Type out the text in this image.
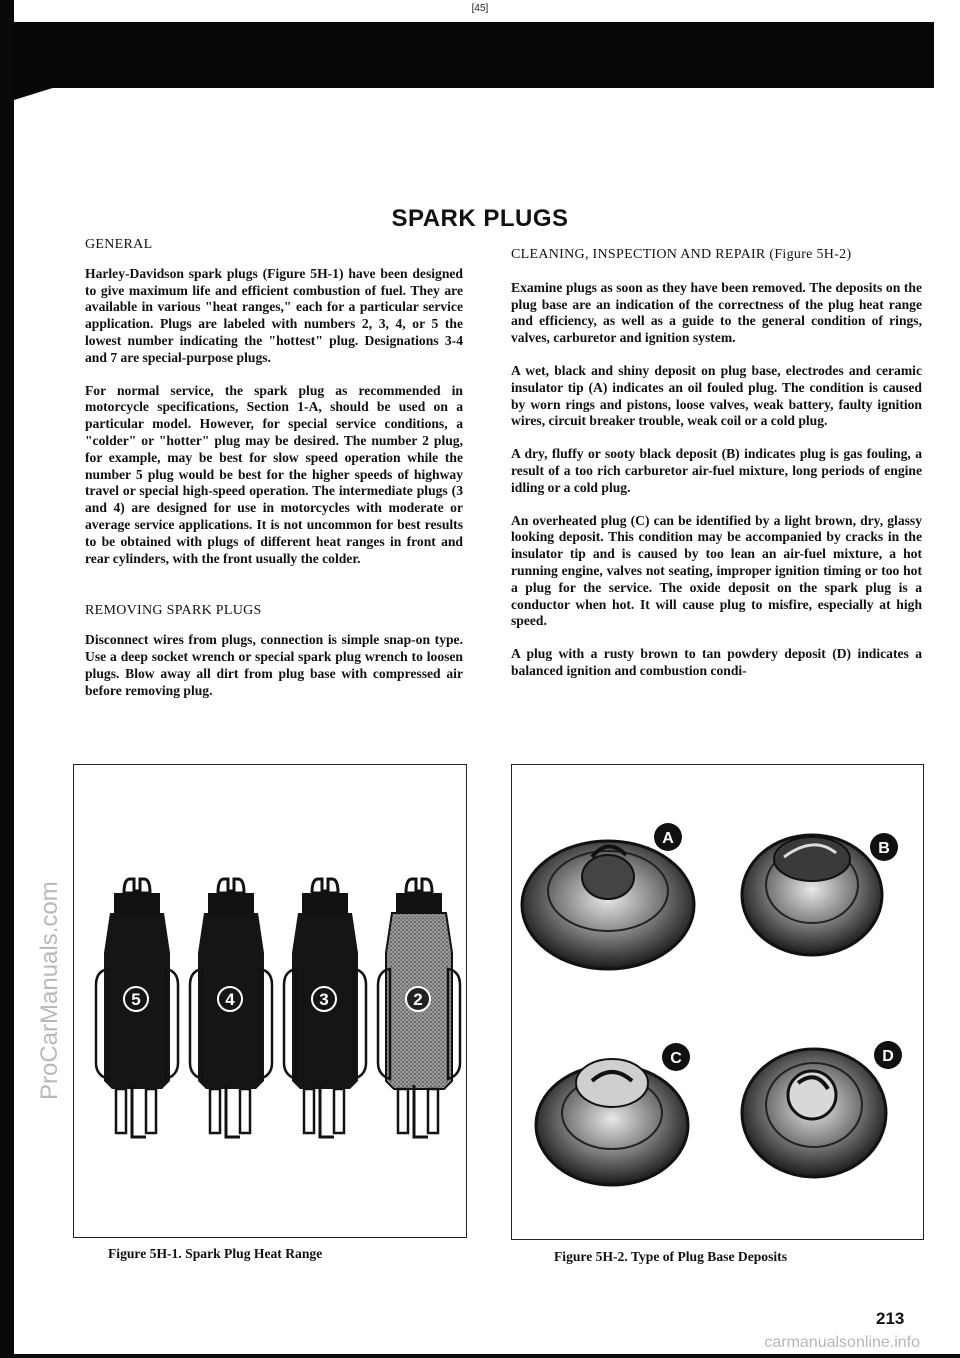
[45]
ProCarManuals.com
SPARK PLUGS

GENERAL

Harley-Davidson spark plugs (Figure 5H-1) have been designed to give maximum life and efficient combustion of fuel. They are available in various "heat ranges," each for a particular service application. Plugs are labeled with numbers 2, 3, 4, or 5 the lowest number indicating the "hottest" plug. Designations 3-4 and 7 are special-purpose plugs.

For normal service, the spark plug as recommended in motorcycle specifications, Section 1-A, should be used on a particular model. However, for special service conditions, a "colder" or "hotter" plug may be desired. The number 2 plug, for example, may be best for slow speed operation while the number 5 plug would be best for the higher speeds of highway travel or special high-speed operation. The intermediate plugs (3 and 4) are designed for use in motorcycles with moderate or average service applications. It is not uncommon for best results to be obtained with plugs of different heat ranges in front and rear cylinders, with the front usually the colder.

REMOVING SPARK PLUGS

Disconnect wires from plugs, connection is simple snap-on type. Use a deep socket wrench or special spark plug wrench to loosen plugs. Blow away all dirt from plug base with compressed air before removing plug.

CLEANING, INSPECTION AND REPAIR (Figure 5H-2)

Examine plugs as soon as they have been removed. The deposits on the plug base are an indication of the correctness of the plug heat range and efficiency, as well as a guide to the general condition of rings, valves, carburetor and ignition system.

A wet, black and shiny deposit on plug base, electrodes and ceramic insulator tip (A) indicates an oil fouled plug. The condition is caused by worn rings and pistons, loose valves, weak battery, faulty ignition wires, circuit breaker trouble, weak coil or a cold plug.

A dry, fluffy or sooty black deposit (B) indicates plug is gas fouling, a result of a too rich carburetor air-fuel mixture, long periods of engine idling or a cold plug.

An overheated plug (C) can be identified by a light brown, dry, glassy looking deposit. This condition may be accompanied by cracks in the insulator tip and is caused by too lean an air-fuel mixture, a hot running engine, valves not seating, improper ignition timing or too hot a plug for the service. The oxide deposit on the spark plug is a conductor when hot. It will cause plug to misfire, especially at high speed.

A plug with a rusty brown to tan powdery deposit (D) indicates a balanced ignition and combustion condi-

5	4	3	2
Figure 5H-1. Spark Plug Heat Range
A
B
C	D
Figure 5H-2. Type of Plug Base Deposits
213
carmanualsonline.info
